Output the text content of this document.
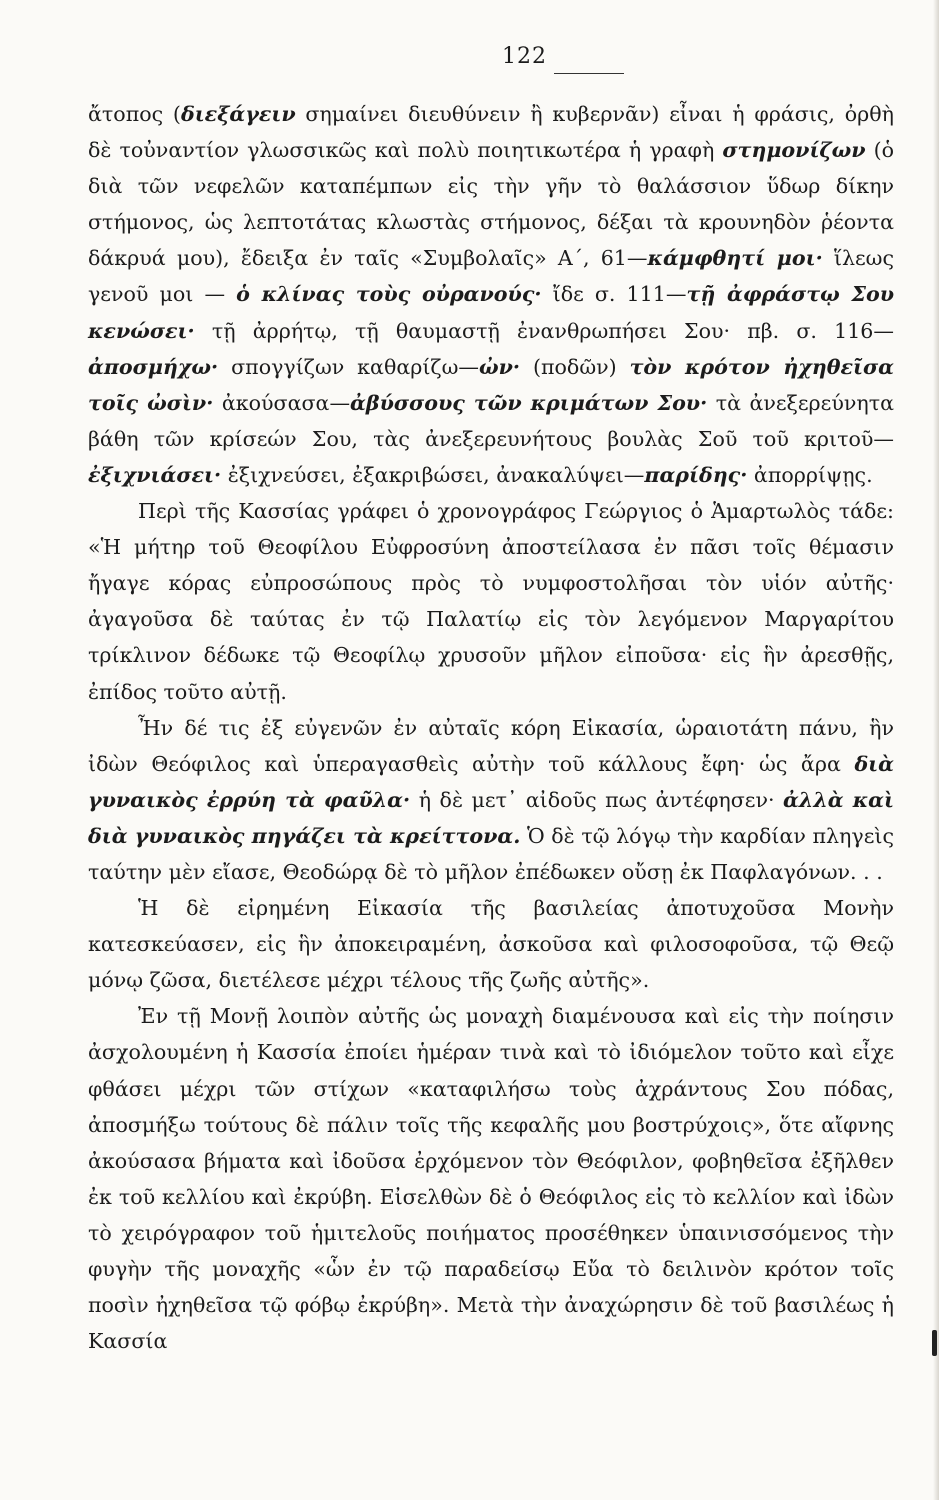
122

ἄτοπος (διεξάγειν σημαίνει διευθύνειν ἢ κυβερνᾶν) εἶναι ἡ φράσις, ὀρθὴ δὲ τοὐναντίον γλωσσικῶς καὶ πολὺ ποιητικωτέρα ἡ γραφὴ στημονίζων (ὁ διὰ τῶν νεφελῶν καταπέμπων εἰς τὴν γῆν τὸ θαλάσσιον ὕδωρ δίκην στήμονος, ὡς λεπτοτάτας κλωστὰς στήμονος, δέξαι τὰ κρουνηδὸν ῥέοντα δάκρυά μου), ἔδειξα ἐν ταῖς «Συμβολαῖς» Α΄, 61—κάμφθητί μοι· ἵλεως γενοῦ μοι — ὁ κλίνας τοὺς οὐρανούς· ἴδε σ. 111—τῇ ἀφράστῳ Σου κενώσει· τῇ ἀρρήτῳ, τῇ θαυμαστῇ ἐνανθρωπήσει Σου· πβ. σ. 116—ἀποσμήχω· σπογγίζων καθαρίζω—ὠν· (ποδῶν) τὸν κρότον ἠχηθεῖσα τοῖς ὠσὶν· ἀκούσασα—ἀβύσσους τῶν κριμάτων Σου· τὰ ἀνεξερεύνητα βάθη τῶν κρίσεών Σου, τὰς ἀνεξερευνήτους βουλὰς Σοῦ τοῦ κριτοῦ—ἐξιχνιάσει· ἐξιχνεύσει, ἐξακριβώσει, ἀνακαλύψει—παρίδης· ἀπορρίψῃς.

Περὶ τῆς Κασσίας γράφει ὁ χρονογράφος Γεώργιος ὁ Ἁμαρτωλὸς τάδε: «Ἡ μήτηρ τοῦ Θεοφίλου Εὐφροσύνη ἀποστείλασα ἐν πᾶσι τοῖς θέμασιν ἤγαγε κόρας εὐπροσώπους πρὸς τὸ νυμφοστολῆσαι τὸν υἱόν αὐτῆς· ἀγαγοῦσα δὲ ταύτας ἐν τῷ Παλατίῳ εἰς τὸν λεγόμενον Μαργαρίτου τρίκλινον δέδωκε τῷ Θεοφίλῳ χρυσοῦν μῆλον εἰποῦσα· εἰς ἣν ἀρεσθῇς, ἐπίδος τοῦτο αὐτῇ.

Ἦν δέ τις ἐξ εὐγενῶν ἐν αὐταῖς κόρη Εἰκασία, ὡραιοτάτη πάνυ, ἣν ἰδὼν Θεόφιλος καὶ ὑπεραγασθεὶς αὐτὴν τοῦ κάλλους ἔφη· ὡς ἄρα διὰ γυναικὸς ἐρρύη τὰ φαῦλα· ἡ δὲ μετ᾽ αἰδοῦς πως ἀντέφησεν· ἀλλὰ καὶ διὰ γυναικὸς πηγάζει τὰ κρείττονα. Ὁ δὲ τῷ λόγῳ τὴν καρδίαν πληγεὶς ταύτην μὲν εἴασε, Θεοδώρᾳ δὲ τὸ μῆλον ἐπέδωκεν οὔσῃ ἐκ Παφλαγόνων. . .

Ἡ δὲ εἰρημένη Εἰκασία τῆς βασιλείας ἀποτυχοῦσα Μονὴν κατεσκεύασεν, εἰς ἣν ἀποκειραμένη, ἀσκοῦσα καὶ φιλοσοφοῦσα, τῷ Θεῷ μόνῳ ζῶσα, διετέλεσε μέχρι τέλους τῆς ζωῆς αὐτῆς».

Ἐν τῇ Μονῇ λοιπὸν αὐτῆς ὡς μοναχὴ διαμένουσα καὶ εἰς τὴν ποίησιν ἀσχολουμένη ἡ Κασσία ἐποίει ἡμέραν τινὰ καὶ τὸ ἰδιόμελον τοῦτο καὶ εἶχε φθάσει μέχρι τῶν στίχων «καταφιλήσω τοὺς ἀχράντους Σου πόδας, ἀποσμήξω τούτους δὲ πάλιν τοῖς τῆς κεφαλῆς μου βοστρύχοις», ὅτε αἴφνης ἀκούσασα βήματα καὶ ἰδοῦσα ἐρχόμενον τὸν Θεόφιλον, φοβηθεῖσα ἐξῆλθεν ἐκ τοῦ κελλίου καὶ ἐκρύβη. Εἰσελθὼν δὲ ὁ Θεόφιλος εἰς τὸ κελλίον καὶ ἰδὼν τὸ χειρόγραφον τοῦ ἡμιτελοῦς ποιήματος προσέθηκεν ὑπαινισσόμενος τὴν φυγὴν τῆς μοναχῆς «ὧν ἐν τῷ παραδείσῳ Εὔα τὸ δειλινὸν κρότον τοῖς ποσὶν ἠχηθεῖσα τῷ φόβῳ ἐκρύβη». Μετὰ τὴν ἀναχώρησιν δὲ τοῦ βασιλέως ἡ Κασσία
